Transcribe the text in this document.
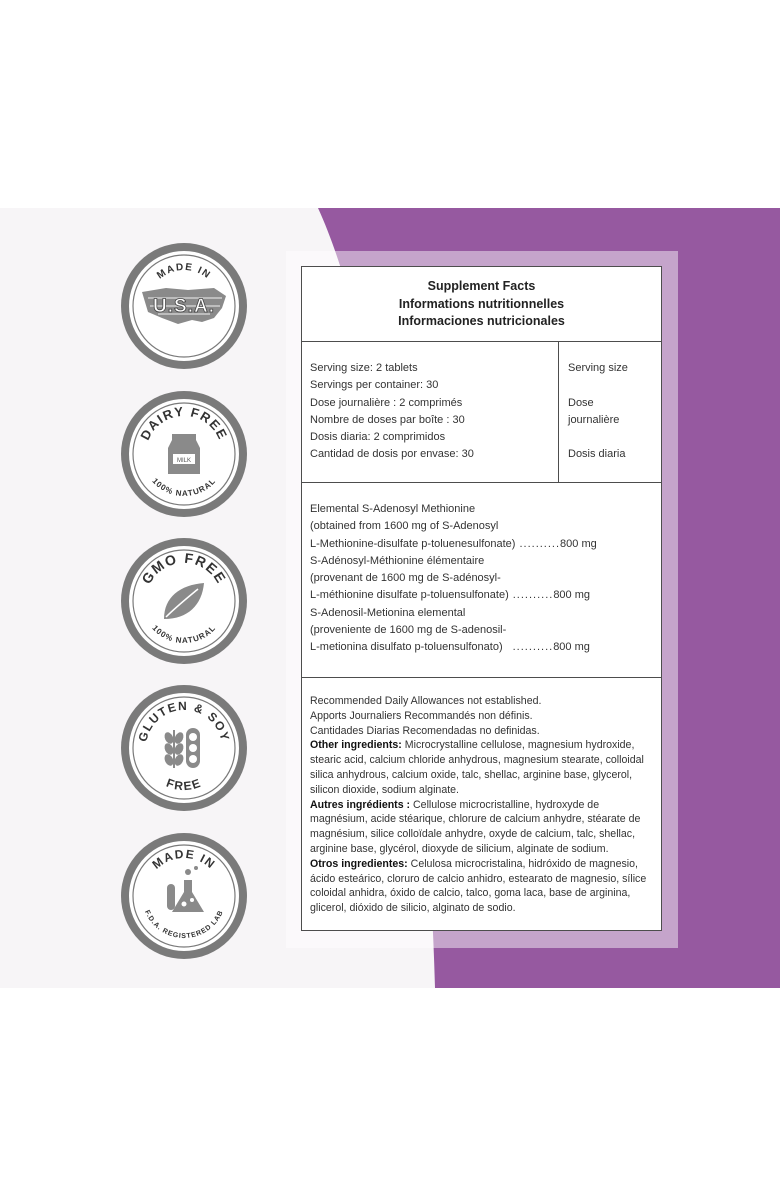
MADE IN
U.S.A.
DAIRY FREE
MILK
100% NATURAL
GMO FREE
100% NATURAL
GLUTEN & SOY
FREE
MADE IN
F.D.A. REGISTERED LAB
Supplement Facts
Informations nutritionnelles
Informaciones nutricionales
Serving size: 2 tablets
Servings per container: 30
Dose journalière : 2 comprimés
Nombre de doses par boîte : 30
Dosis diaria: 2 comprimidos
Cantidad de dosis por envase: 30
Serving size

Dose
journalière

Dosis diaria
Elemental S-Adenosyl Methionine
(obtained from 1600 mg of S-Adenosyl
L-Methionine-disulfate p-toluenesulfonate) .......... 800 mg
S-Adénosyl-Méthionine élémentaire
(provenant de 1600 mg de S-adénosyl-
L-méthionine disulfate p-toluensulfonate) .......... 800 mg
S-Adenosil-Metionina elemental
(proveniente de 1600 mg de S-adenosil-
L-metionina disulfato p-toluensulfonato) .......... 800 mg

Recommended Daily Allowances not established.

Apports Journaliers Recommandés non définis.

Cantidades Diarias Recomendadas no definidas.

Other ingredients: Microcrystalline cellulose, magnesium hydroxide, stearic acid, calcium chloride anhydrous, magnesium stearate, colloidal silica anhydrous, calcium oxide, talc, shellac, arginine base, glycerol, silicon dioxide, sodium alginate.

Autres ingrédients : Cellulose microcristalline, hydroxyde de magnésium, acide stéarique, chlorure de calcium anhydre, stéarate de magnésium, silice colloïdale anhydre, oxyde de calcium, talc, shellac, arginine base, glycérol, dioxyde de silicium, alginate de sodium.

Otros ingredientes: Celulosa microcristalina, hidróxido de magnesio, ácido esteárico, cloruro de calcio anhidro, estearato de magnesio, sílice coloidal anhidra, óxido de calcio, talco, goma laca, base de arginina, glicerol, dióxido de silicio, alginato de sodio.
